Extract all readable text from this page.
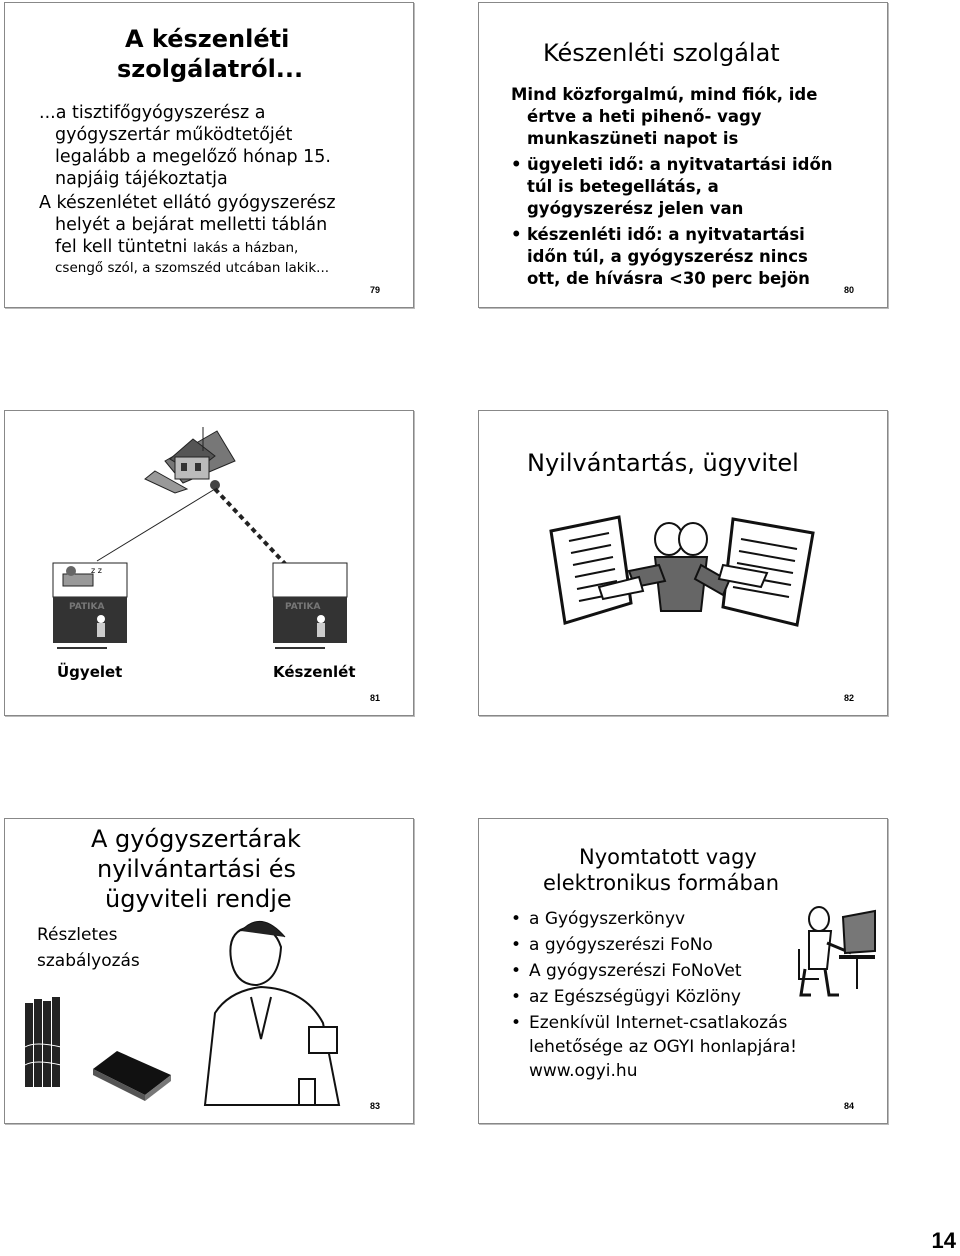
A készenléti
szolgálatról...
...a tisztifőgyógyszerész a
gyógyszertár működtetőjét
legalább a megelőző hónap 15.
napjáig tájékoztatja
A készenlétet ellátó gyógyszerész
helyét a bejárat melletti táblán
fel kell tüntetni lakás a házban,
csengő szól, a szomszéd utcában lakik...
79
Készenléti szolgálat
Mind közforgalmú, mind fiók, ide
értve a heti pihenő- vagy
munkaszüneti napot is
• ügyeleti idő: a nyitvatartási időn
túl is betegellátás, a
gyógyszerész jelen van
• készenléti idő: a nyitvatartási
időn túl, a gyógyszerész nincs
ott, de hívásra <30 perc bejön
80
z z
PATIKA	PATIKA
Ügyelet	Készenlét
81
Nyilvántartás, ügyvitel
82
A gyógyszertárak
nyilvántartási és
ügyviteli rendje
Részletes
szabályozás
83
Nyomtatott vagy
elektronikus formában
• a Gyógyszerkönyv
• a gyógyszerészi FoNo
• A gyógyszerészi FoNoVet
• az Egészségügyi Közlöny
• Ezenkívül Internet-csatlakozás
lehetősége az OGYI honlapjára!
www.ogyi.hu
84
14
